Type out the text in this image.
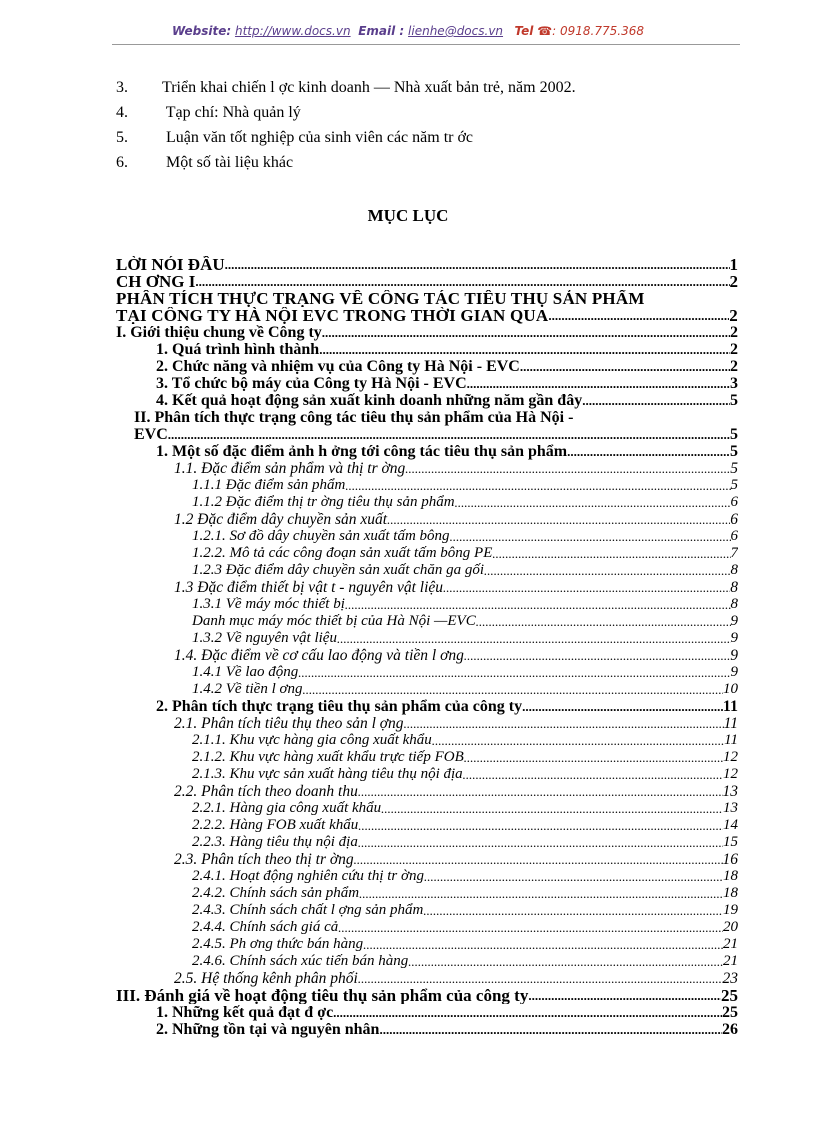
Website: http://www.docs.vn Email : lienhe@docs.vn Tel ☎: 0918.775.368
3. Triển khai chiến l ợc kinh doanh — Nhà xuất bản trẻ, năm 2002.
4. Tạp chí: Nhà quản lý
5. Luận văn tốt nghiệp của sinh viên các năm tr ớc
6. Một số tài liệu khác
MỤC LỤC
LỜI NÓI ĐẦU .....	1
CH ƠNG I .....	2
PHÂN TÍCH THỰC TRẠNG VỀ CÔNG TÁC TIÊU THỤ SẢN PHẨM
TẠI CÔNG TY HÀ NỘI EVC TRONG THỜI GIAN QUA .....	2
I. Giới thiệu chung về Công ty .....	2
1. Quá trình hình thành .....	2
2. Chức năng và nhiệm vụ của Công ty Hà Nội - EVC .....	2
3. Tổ chức bộ máy của Công ty Hà Nội - EVC .....	3
4. Kết quả hoạt động sản xuất kinh doanh những năm gần đây .....	5
II. Phân tích thực trạng công tác tiêu thụ sản phẩm của Hà Nội -
EVC .....	5
1. Một số đặc điểm ảnh h ởng tới công tác tiêu thụ sản phẩm .....	5
1.1. Đặc điểm sản phẩm và thị tr ờng .....	5
1.1.1 Đặc điểm sản phẩm .....	5
1.1.2 Đặc điểm thị tr ờng tiêu thụ sản phẩm .....	6
1.2 Đặc điểm dây chuyền sản xuất .....	6
1.2.1. Sơ đồ dây chuyền sản xuất tấm bông .....	6
1.2.2. Mô tả các công đoạn sản xuất tấm bông PE .....	7
1.2.3 Đặc điểm dây chuyền sản xuất chăn ga gối .....	8
1.3 Đặc điểm thiết bị vật t - nguyên vật liệu .....	8
1.3.1 Về máy móc thiết bị .....	8
Danh mục máy móc thiết bị của Hà Nội —EVC .....	9
1.3.2 Về nguyên vật liệu .....	9
1.4. Đặc điểm về cơ cấu lao động và tiền l ơng .....	9
1.4.1 Về lao động .....	9
1.4.2 Về tiền l ơng .....	10
2. Phân tích thực trạng tiêu thụ sản phẩm của công ty .....	11
2.1. Phân tích tiêu thụ theo sản l ợng .....	11
2.1.1. Khu vực hàng gia công xuất khẩu .....	11
2.1.2. Khu vực hàng xuất khẩu trực tiếp FOB .....	12
2.1.3. Khu vực sản xuất hàng tiêu thụ nội địa .....	12
2.2. Phân tích theo doanh thu .....	13
2.2.1. Hàng gia công xuất khẩu .....	13
2.2.2. Hàng FOB xuất khẩu .....	14
2.2.3. Hàng tiêu thụ nội địa .....	15
2.3. Phân tích theo thị tr ờng .....	16
2.4.1. Hoạt động nghiên cứu thị tr ờng .....	18
2.4.2. Chính sách sản phẩm .....	18
2.4.3. Chính sách chất l ợng sản phẩm .....	19
2.4.4. Chính sách giá cả .....	20
2.4.5. Ph ơng thức bán hàng .....	21
2.4.6. Chính sách xúc tiến bán hàng .....	21
2.5. Hệ thống kênh phân phối .....	23
III. Đánh giá về hoạt động tiêu thụ sản phẩm của công ty .....	25
1. Những kết quả đạt đ ợc .....	25
2. Những tồn tại và nguyên nhân .....	26
